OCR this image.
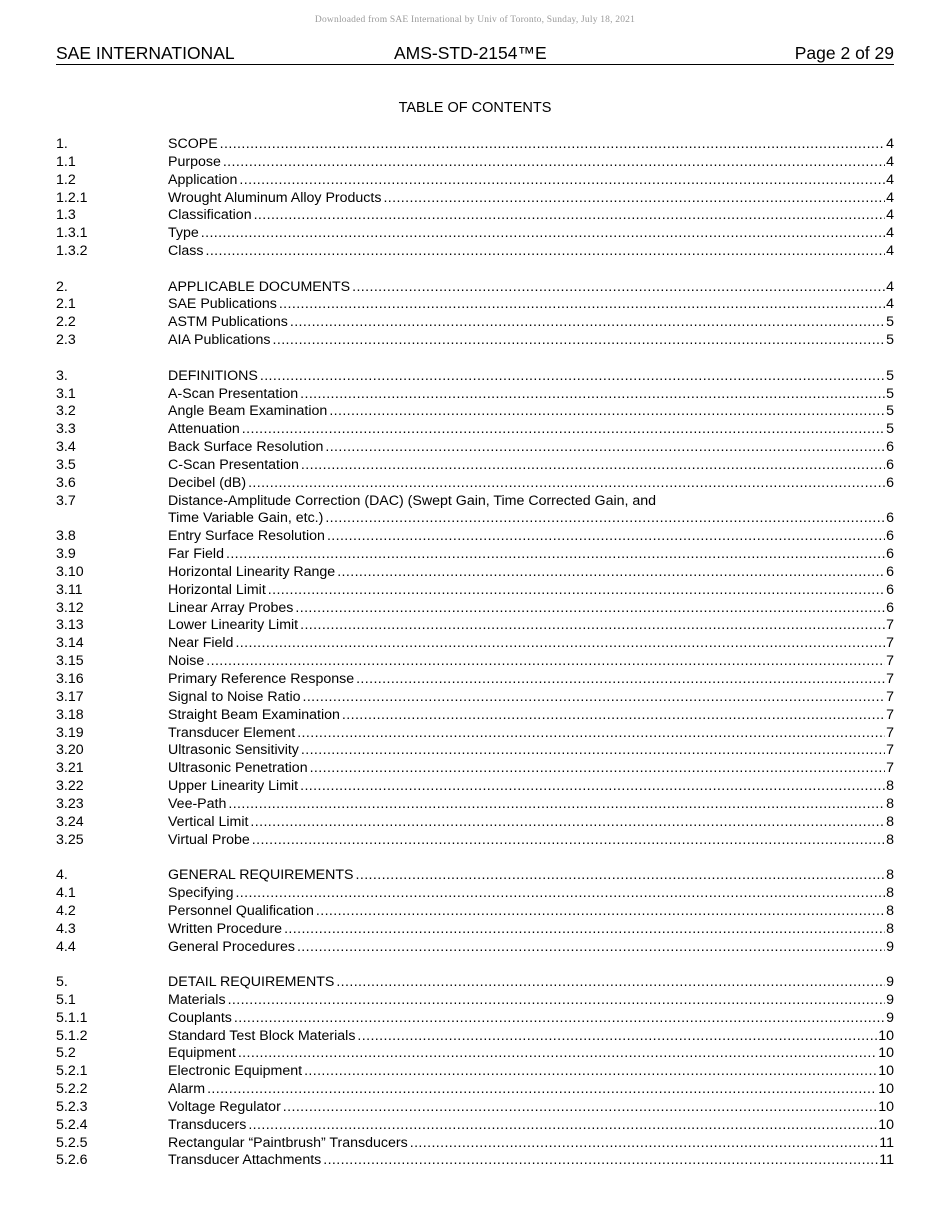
Downloaded from SAE International by Univ of Toronto, Sunday, July 18, 2021
SAE INTERNATIONAL	AMS-STD-2154™E	Page 2 of 29
TABLE OF CONTENTS
1.	SCOPE .....	4
1.1	Purpose .....	4
1.2	Application .....	4
1.2.1	Wrought Aluminum Alloy Products .....	4
1.3	Classification .....	4
1.3.1	Type .....	4
1.3.2	Class .....	4
2.	APPLICABLE DOCUMENTS .....	4
2.1	SAE Publications .....	4
2.2	ASTM Publications .....	5
2.3	AIA Publications .....	5
3.	DEFINITIONS .....	5
3.1	A-Scan Presentation .....	5
3.2	Angle Beam Examination .....	5
3.3	Attenuation .....	5
3.4	Back Surface Resolution .....	6
3.5	C-Scan Presentation .....	6
3.6	Decibel (dB) .....	6
3.7	Distance-Amplitude Correction (DAC) (Swept Gain, Time Corrected Gain, and
Time Variable Gain, etc.) .....	6
3.8	Entry Surface Resolution .....	6
3.9	Far Field .....	6
3.10	Horizontal Linearity Range .....	6
3.11	Horizontal Limit .....	6
3.12	Linear Array Probes .....	6
3.13	Lower Linearity Limit .....	7
3.14	Near Field .....	7
3.15	Noise .....	7
3.16	Primary Reference Response .....	7
3.17	Signal to Noise Ratio .....	7
3.18	Straight Beam Examination .....	7
3.19	Transducer Element .....	7
3.20	Ultrasonic Sensitivity .....	7
3.21	Ultrasonic Penetration .....	7
3.22	Upper Linearity Limit .....	8
3.23	Vee-Path .....	8
3.24	Vertical Limit .....	8
3.25	Virtual Probe .....	8
4.	GENERAL REQUIREMENTS .....	8
4.1	Specifying .....	8
4.2	Personnel Qualification .....	8
4.3	Written Procedure .....	8
4.4	General Procedures .....	9
5.	DETAIL REQUIREMENTS .....	9
5.1	Materials .....	9
5.1.1	Couplants .....	9
5.1.2	Standard Test Block Materials .....	10
5.2	Equipment .....	10
5.2.1	Electronic Equipment .....	10
5.2.2	Alarm .....	10
5.2.3	Voltage Regulator .....	10
5.2.4	Transducers .....	10
5.2.5	Rectangular “Paintbrush” Transducers .....	11
5.2.6	Transducer Attachments .....	11
